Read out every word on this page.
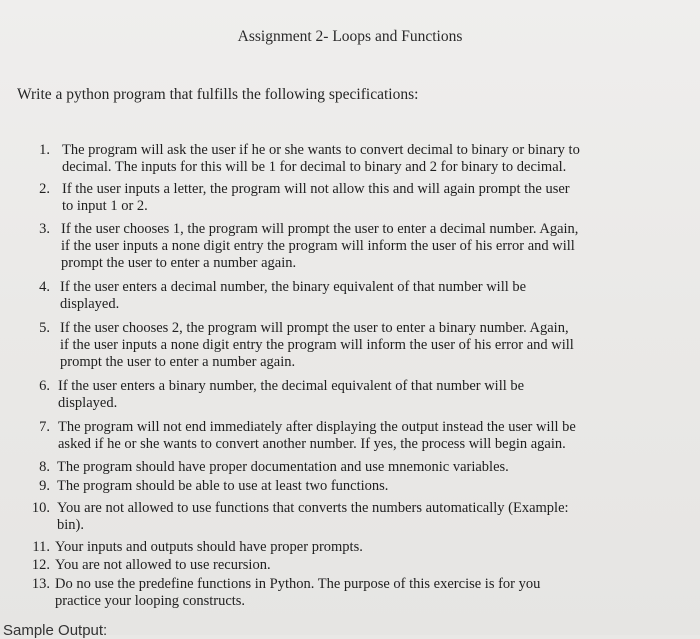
Assignment 2- Loops and Functions
Write a python program that fulfills the following specifications:
1. The program will ask the user if he or she wants to convert decimal to binary or binary to
decimal. The inputs for this will be 1 for decimal to binary and 2 for binary to decimal.
2. If the user inputs a letter, the program will not allow this and will again prompt the user
to input 1 or 2.
3. If the user chooses 1, the program will prompt the user to enter a decimal number. Again,
if the user inputs a none digit entry the program will inform the user of his error and will
prompt the user to enter a number again.
4. If the user enters a decimal number, the binary equivalent of that number will be
displayed.
5. If the user chooses 2, the program will prompt the user to enter a binary number. Again,
if the user inputs a none digit entry the program will inform the user of his error and will
prompt the user to enter a number again.
6. If the user enters a binary number, the decimal equivalent of that number will be
displayed.
7. The program will not end immediately after displaying the output instead the user will be
asked if he or she wants to convert another number. If yes, the process will begin again.
8. The program should have proper documentation and use mnemonic variables.
9. The program should be able to use at least two functions.
10. You are not allowed to use functions that converts the numbers automatically (Example:
bin).
11. Your inputs and outputs should have proper prompts.
12. You are not allowed to use recursion.
13. Do no use the predefine functions in Python. The purpose of this exercise is for you
practice your looping constructs.
Sample Output:
